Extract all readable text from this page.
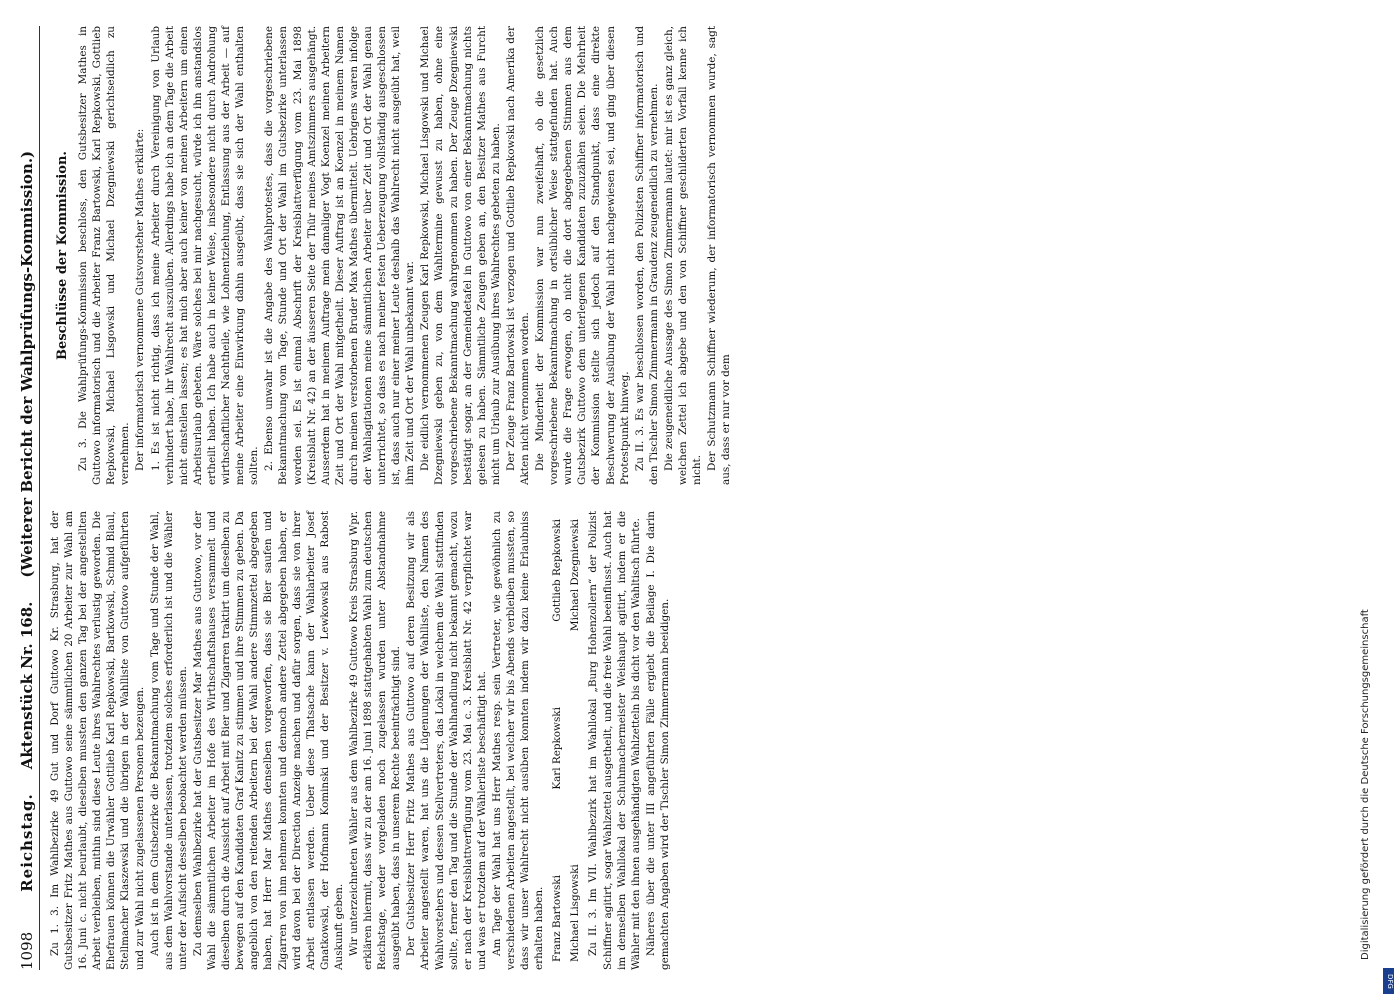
1098
Reichstag.
Aktenstück Nr. 168.
(Weiterer Bericht der Wahlprüfungs-Kommission.)

Zu 1. 3. Im Wahlbezirke 49 Gut und Dorf Guttowo Kr. Strasburg, hat der Gutsbesitzer Fritz Mathes aus Guttowo seine sämmtlichen 20 Arbeiter zur Wahl am 16. Juni c. nicht beurlaubt, dieselben mussten den ganzen Tag bei der angestellten Arbeit verbleiben, mithin sind diese Leute ihres Wahlrechtes verlustig geworden. Die Ehefrauen können die Urwähler Gottlieb Karl Repkowski, Bartkowski, Schmid Blaul, Stellmacher Klaszewski und die übrigen in der Wahlliste von Guttowo aufgeführten und zur Wahl nicht zugelassenen Personen bezeugen. Auch ist in dem Gutsbezirke die Bekanntmachung vom Tage und Stunde der Wahl, aus dem Wahlvorstande unterlassen, trotzdem solches erforderlich ist und die Wähler unter der Aufsicht desselben beobachtet werden müssen. Zu demselben Wahlbezirke hat der Gutsbesitzer Mar Mathes aus Guttowo, vor der Wahl die sämmtlichen Arbeiter im Hofe des Wirthschaftshauses versammelt und dieselben durch die Aussicht auf Arbeit mit Bier und Zigarren traktirt um dieselben zu bewegen auf den Kandidaten Graf Kanitz zu stimmen und ihre Stimmen zu geben. Da angeblich von den reitenden Arbeitern bei der Wahl andere Stimmzettel abgegeben haben, hat Herr Mar Mathes denselben vorgeworfen, dass sie Bier saufen und Zigarren von ihm nehmen konnten und dennoch andere Zettel abgegeben haben, er wird davon bei der Direction Anzeige machen und dafür sorgen, dass sie von ihrer Arbeit entlassen werden. Ueber diese Thatsache kann der Wahlarbeiter Josef Gnatkowski, der Hofmann Kominski und der Besitzer v. Lewkowski aus Rabost Auskunft geben. Wir unterzeichneten Wähler aus dem Wahlbezirke 49 Guttowo Kreis Strasburg Wpr. erklären hiermit, dass wir zu der am 16. Juni 1898 stattgehabten Wahl zum deutschen Reichstage, weder vorgeladen noch zugelassen wurden unter Abstandnahme ausgeübt haben, dass in unserem Rechte beeinträchtigt sind. Der Gutsbesitzer Herr Fritz Mathes aus Guttowo auf deren Besitzung wir als Arbeiter angestellt waren, hat uns die Lügenungen der Wahlliste, den Namen des Wahlvorstehers und dessen Stellvertreters, das Lokal in welchem die Wahl stattfinden sollte, ferner den Tag und die Stunde der Wahlhandlung nicht bekannt gemacht, wozu er nach der Kreisblattverfügung vom 23. Mai c. 3. Kreisblatt Nr. 42 verpflichtet war und was er trotzdem auf der Wählerliste beschäftigt hat. Am Tage der Wahl hat uns Herr Mathes resp. sein Vertreter, wie gewöhnlich zu verschiedenen Arbeiten angestellt, bei welcher wir bis Abends verbleiben mussten, so dass wir unser Wahlrecht nicht ausüben konnten indem wir dazu keine Erlaubniss erhalten haben. Franz Bartowski
Karl Repkowski
Gottlieb Repkowski
Michael Lisgowski
Michael Dzegniewski Zu II. 3. Im VII. Wahlbezirk hat im Wahllokal „Burg Hohenzollern“ der Polizist Schiffner agitirt, sogar Wahlzettel ausgetheilt, und die freie Wahl beeinflusst. Auch hat im demselben Wahllokal der Schuhmachermeister Weishaupt agitirt, indem er die Wähler mit den ihnen ausgehändigten Wahlzetteln bis dicht vor den Wahltisch führte. Näheres über die unter III angeführten Fälle ergiebt die Beilage I. Die darin gemachten Angaben wird der Tischler Simon Zimmermann beeidigen.

Beschlüsse der Kommission. Zu 3. Die Wahlprüfungs-Kommission beschloss, den Gutsbesitzer Mathes in Guttowo informatorisch und die Arbeiter Franz Bartowski, Karl Repkowski, Gottlieb Repkowski, Michael Lisgowski und Michael Dzegniewski gerichtseidlich zu vernehmen. Der informatorisch vernommene Gutsvorsteher Mathes erklärte: 1. Es ist nicht richtig, dass ich meine Arbeiter durch Vereinigung von Urlaub verhindert habe, ihr Wahlrecht auszuüben. Allerdings habe ich an dem Tage die Arbeit nicht einstellen lassen; es hat mich aber auch keiner von meinen Arbeitern um einen Arbeitsurlaub gebeten. Wäre solches bei mir nachgesucht, würde ich ihn anstandslos ertheilt haben. Ich habe auch in keiner Weise, insbesondere nicht durch Androhung wirthschaftlicher Nachtheile, wie Lohnentziehung, Entlassung aus der Arbeit — auf meine Arbeiter eine Einwirkung dahin ausgeübt, dass sie sich der Wahl enthalten sollten. 2. Ebenso unwahr ist die Angabe des Wahlprotestes, dass die vorgeschriebene Bekanntmachung vom Tage, Stunde und Ort der Wahl im Gutsbezirke unterlassen worden sei. Es ist einmal Abschrift der Kreisblattverfügung vom 23. Mai 1898 (Kreisblatt Nr. 42) an der äusseren Seite der Thür meines Amtszimmers ausgehängt. Ausserdem hat in meinem Auftrage mein damaliger Vogt Koenzel meinen Arbeitern Zeit und Ort der Wahl mitgetheilt. Dieser Auftrag ist an Koenzel in meinem Namen durch meinen verstorbenen Bruder Max Mathes übermittelt. Uebrigens waren infolge der Wahlagitationen meine sämmtlichen Arbeiter über Zeit und Ort der Wahl genau unterrichtet, so dass es nach meiner festen Ueberzeugung vollständig ausgeschlossen ist, dass auch nur einer meiner Leute deshalb das Wahlrecht nicht ausgeübt hat, weil ihm Zeit und Ort der Wahl unbekannt war. Die eidlich vernommenen Zeugen Karl Repkowski, Michael Lisgowski und Michael Dzegniewski geben zu, von dem Wahltermine gewusst zu haben, ohne eine vorgeschriebene Bekanntmachung wahrgenommen zu haben. Der Zeuge Dzegniewski bestätigt sogar, an der Gemeindetafel in Guttowo von einer Bekanntmachung nichts gelesen zu haben. Sämmtliche Zeugen geben an, den Besitzer Mathes aus Furcht nicht um Urlaub zur Ausübung ihres Wahlrechtes gebeten zu haben. Der Zeuge Franz Bartowski ist verzogen und Gottlieb Repkowski nach Amerika der Akten nicht vernommen worden. Die Minderheit der Kommission war nun zweifelhaft, ob die gesetzlich vorgeschriebene Bekanntmachung in ortsüblicher Weise stattgefunden hat. Auch wurde die Frage erwogen, ob nicht die dort abgegebenen Stimmen aus dem Gutsbezirk Guttowo dem unterlegenen Kandidaten zuzuzählen seien. Die Mehrheit der Kommission stellte sich jedoch auf den Standpunkt, dass eine direkte Beschwerung der Ausübung der Wahl nicht nachgewiesen sei, und ging über diesen Protestpunkt hinweg. Zu II. 3. Es war beschlossen worden, den Polizisten Schiffner informatorisch und den Tischler Simon Zimmermann in Graudenz zeugeneidlich zu vernehmen. Die zeugeneidliche Aussage des Simon Zimmermann lautet: mir ist es ganz gleich, welchen Zettel ich abgebe und den von Schiffner geschilderten Vorfall kenne ich nicht. Der Schutzmann Schiffner wiederum, der informatorisch vernommen wurde, sagt aus, dass er nur vor dem

Digitalisierung gefördert durch die Deutsche Forschungsgemeinschaft
DFG
